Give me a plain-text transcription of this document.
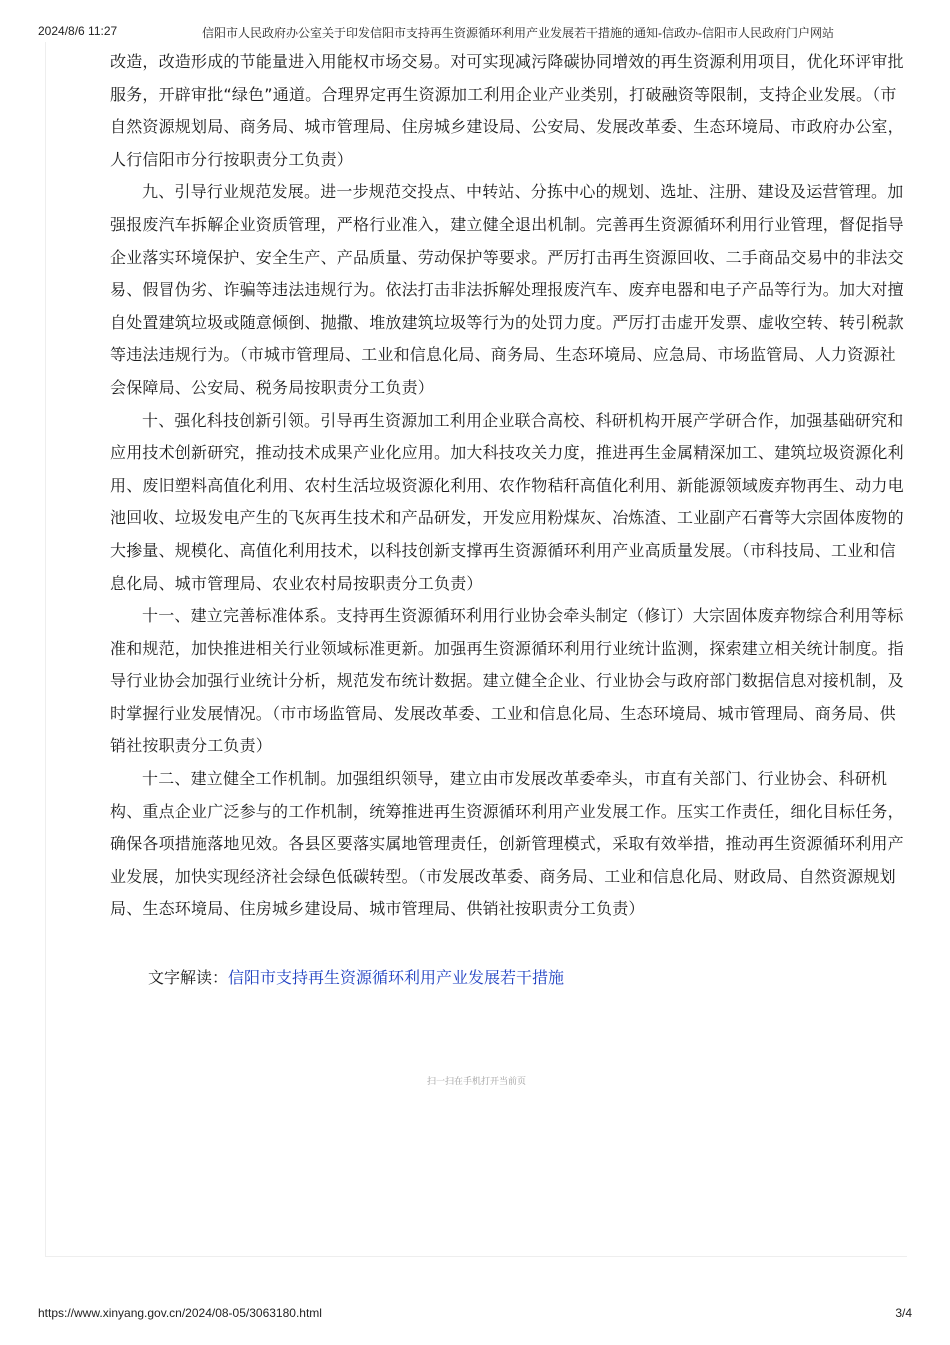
2024/8/6 11:27	信阳市人民政府办公室关于印发信阳市支持再生资源循环利用产业发展若干措施的通知-信政办-信阳市人民政府门户网站

改造，改造形成的节能量进入用能权市场交易。对可实现减污降碳协同增效的再生资源利用项目，优化环评审批

服务，开辟审批“绿色”通道。合理界定再生资源加工利用企业产业类别，打破融资等限制，支持企业发展。（市

自然资源规划局、商务局、城市管理局、住房城乡建设局、公安局、发展改革委、生态环境局、市政府办公室，

人行信阳市分行按职责分工负责）

九、引导行业规范发展。进一步规范交投点、中转站、分拣中心的规划、选址、注册、建设及运营管理。加

强报废汽车拆解企业资质管理，严格行业准入，建立健全退出机制。完善再生资源循环利用行业管理，督促指导

企业落实环境保护、安全生产、产品质量、劳动保护等要求。严厉打击再生资源回收、二手商品交易中的非法交

易、假冒伪劣、诈骗等违法违规行为。依法打击非法拆解处理报废汽车、废弃电器和电子产品等行为。加大对擅

自处置建筑垃圾或随意倾倒、抛撒、堆放建筑垃圾等行为的处罚力度。严厉打击虚开发票、虚收空转、转引税款

等违法违规行为。（市城市管理局、工业和信息化局、商务局、生态环境局、应急局、市场监管局、人力资源社

会保障局、公安局、税务局按职责分工负责）

十、强化科技创新引领。引导再生资源加工利用企业联合高校、科研机构开展产学研合作，加强基础研究和

应用技术创新研究，推动技术成果产业化应用。加大科技攻关力度，推进再生金属精深加工、建筑垃圾资源化利

用、废旧塑料高值化利用、农村生活垃圾资源化利用、农作物秸秆高值化利用、新能源领域废弃物再生、动力电

池回收、垃圾发电产生的飞灰再生技术和产品研发，开发应用粉煤灰、冶炼渣、工业副产石膏等大宗固体废物的

大掺量、规模化、高值化利用技术，以科技创新支撑再生资源循环利用产业高质量发展。（市科技局、工业和信

息化局、城市管理局、农业农村局按职责分工负责）

十一、建立完善标准体系。支持再生资源循环利用行业协会牵头制定（修订）大宗固体废弃物综合利用等标

准和规范，加快推进相关行业领域标准更新。加强再生资源循环利用行业统计监测，探索建立相关统计制度。指

导行业协会加强行业统计分析，规范发布统计数据。建立健全企业、行业协会与政府部门数据信息对接机制，及

时掌握行业发展情况。（市市场监管局、发展改革委、工业和信息化局、生态环境局、城市管理局、商务局、供

销社按职责分工负责）

十二、建立健全工作机制。加强组织领导，建立由市发展改革委牵头，市直有关部门、行业协会、科研机

构、重点企业广泛参与的工作机制，统筹推进再生资源循环利用产业发展工作。压实工作责任，细化目标任务，

确保各项措施落地见效。各县区要落实属地管理责任，创新管理模式，采取有效举措，推动再生资源循环利用产

业发展，加快实现经济社会绿色低碳转型。（市发展改革委、商务局、工业和信息化局、财政局、自然资源规划

局、生态环境局、住房城乡建设局、城市管理局、供销社按职责分工负责）

文字解读：信阳市支持再生资源循环利用产业发展若干措施
扫一扫在手机打开当前页
https://www.xinyang.gov.cn/2024/08-05/3063180.html	3/4
